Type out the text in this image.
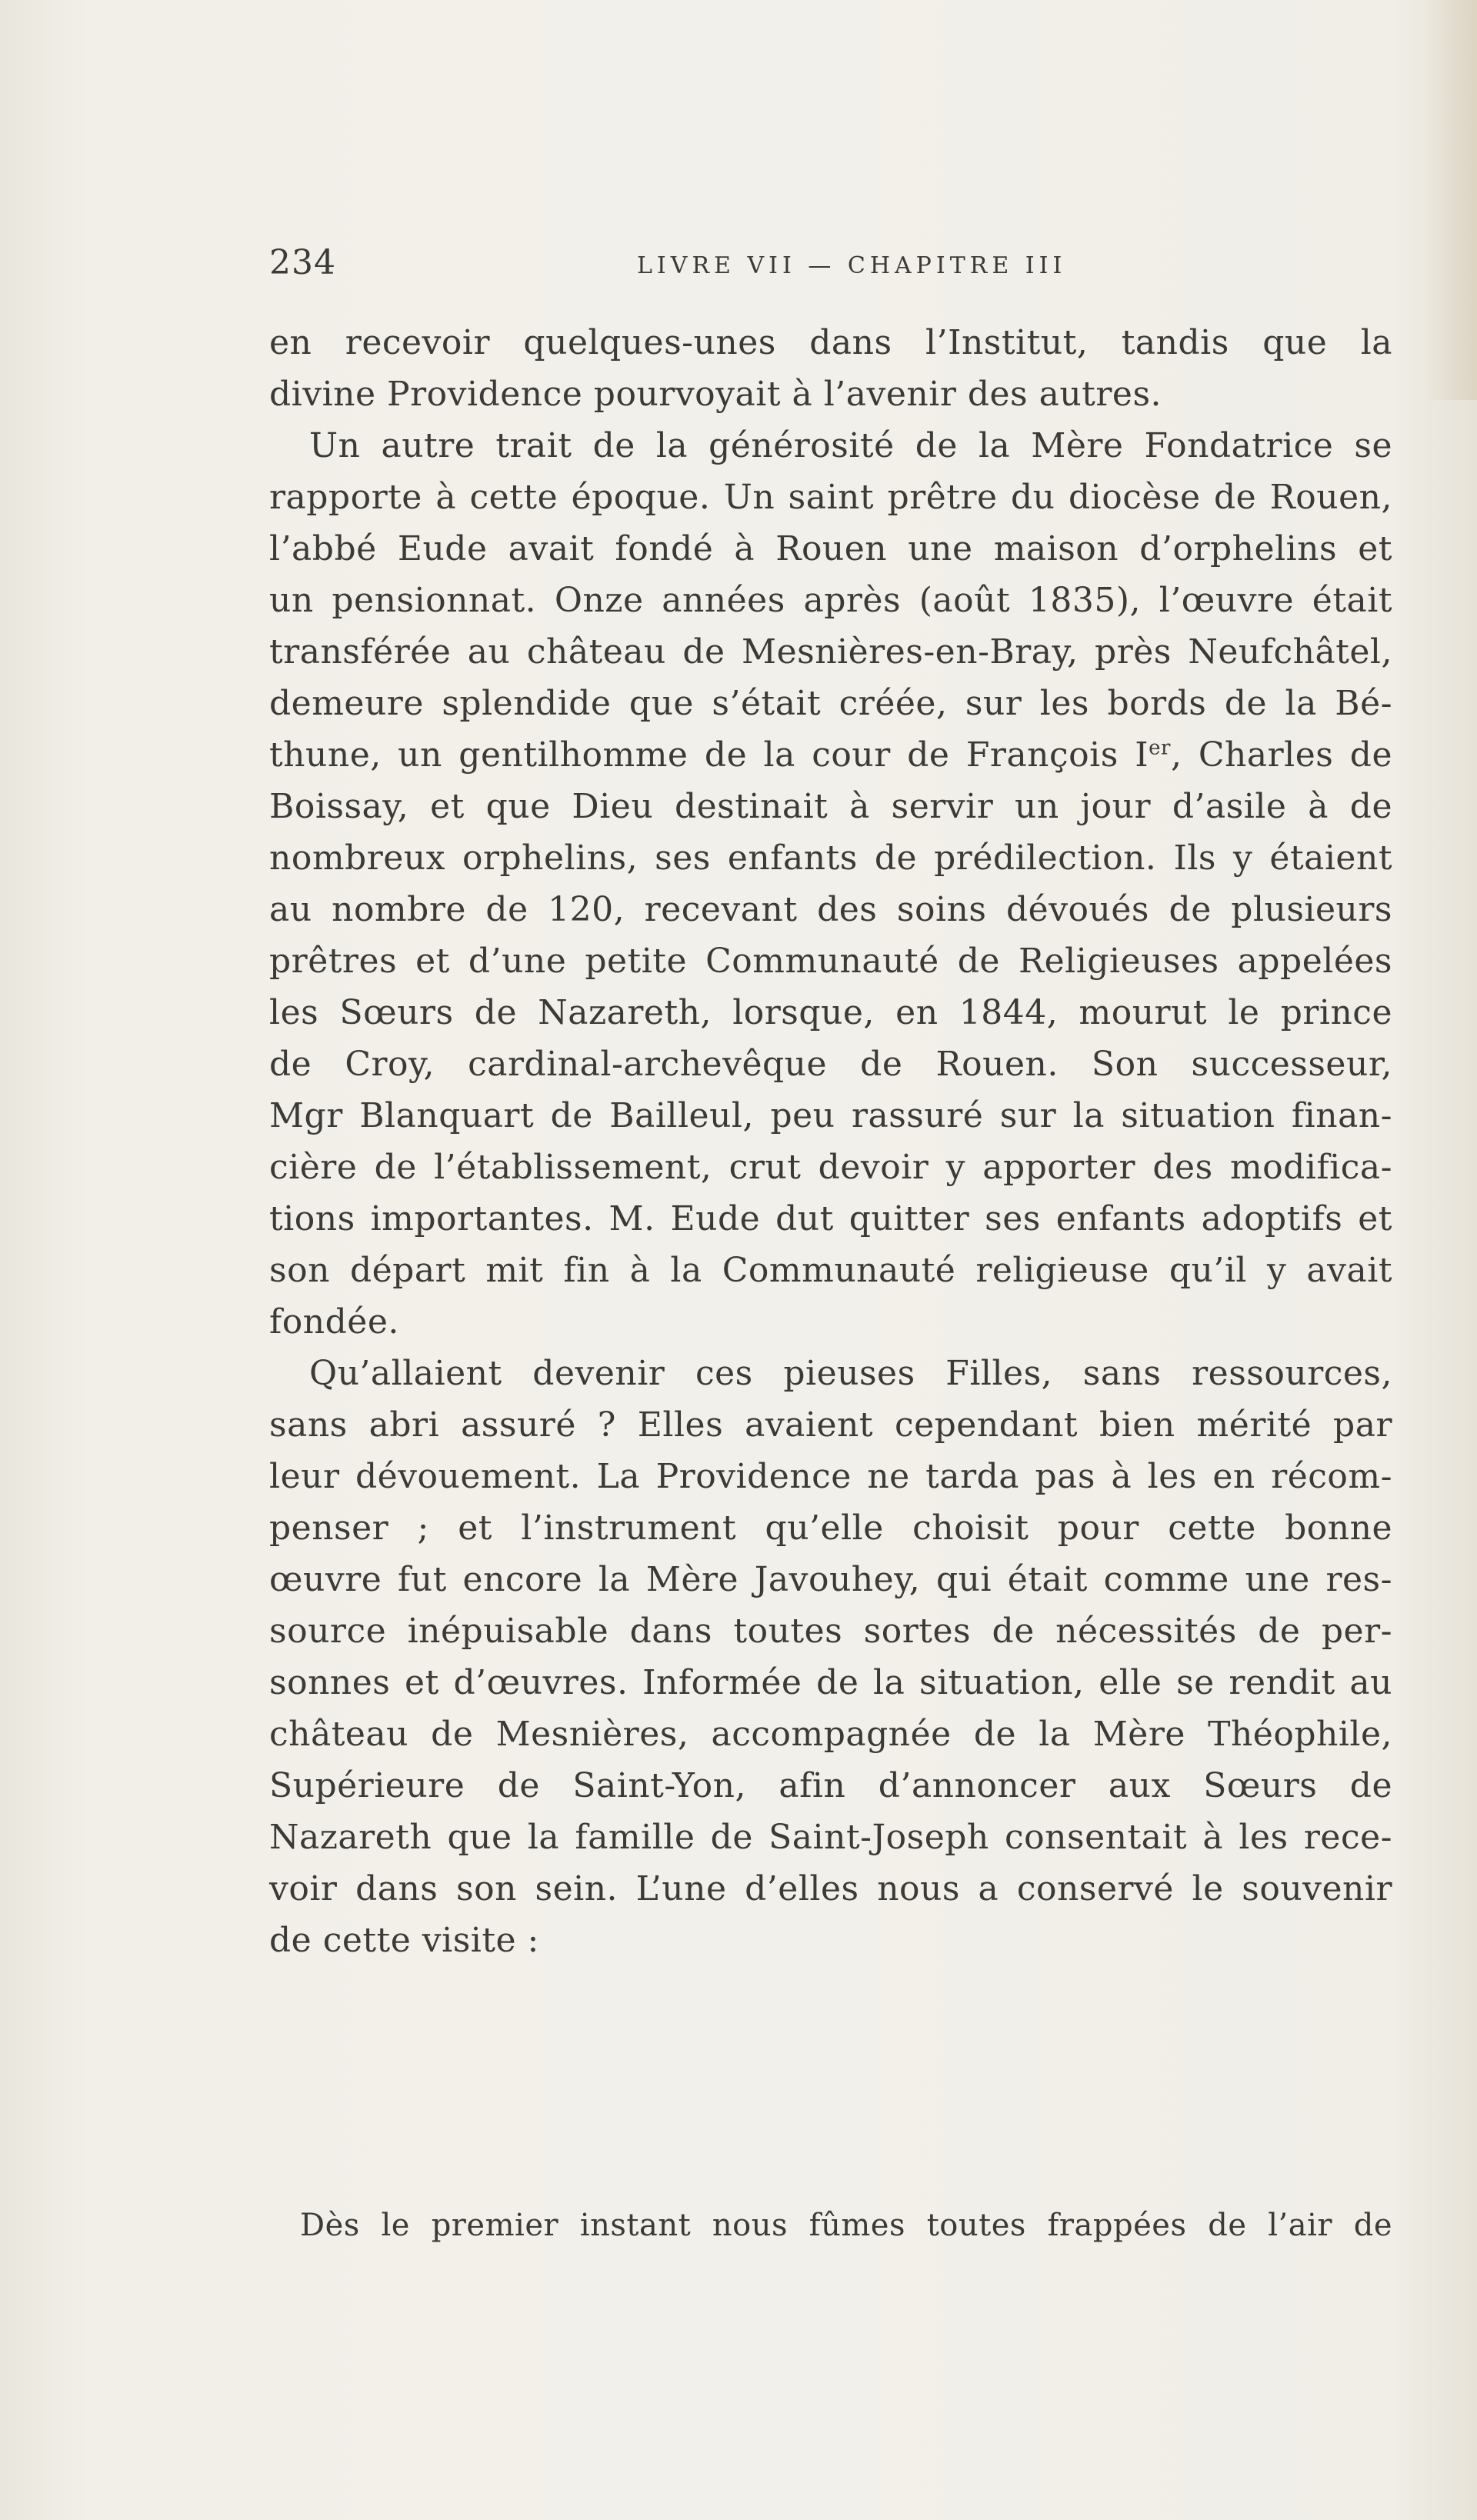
234	LIVRE VII — CHAPITRE III
en recevoir quelques-unes dans l’Institut, tandis que la
divine Providence pourvoyait à l’avenir des autres.
Un autre trait de la générosité de la Mère Fondatrice se
rapporte à cette époque. Un saint prêtre du diocèse de Rouen,
l’abbé Eude avait fondé à Rouen une maison d’orphelins et
un pensionnat. Onze années après (août 1835), l’œuvre était
transférée au château de Mesnières-en-Bray, près Neufchâtel,
demeure splendide que s’était créée, sur les bords de la Bé-
thune, un gentilhomme de la cour de François Ier, Charles de
Boissay, et que Dieu destinait à servir un jour d’asile à de
nombreux orphelins, ses enfants de prédilection. Ils y étaient
au nombre de 120, recevant des soins dévoués de plusieurs
prêtres et d’une petite Communauté de Religieuses appelées
les Sœurs de Nazareth, lorsque, en 1844, mourut le prince
de Croy, cardinal-archevêque de Rouen. Son successeur,
Mgr Blanquart de Bailleul, peu rassuré sur la situation finan-
cière de l’établissement, crut devoir y apporter des modifica-
tions importantes. M. Eude dut quitter ses enfants adoptifs et
son départ mit fin à la Communauté religieuse qu’il y avait
fondée.
Qu’allaient devenir ces pieuses Filles, sans ressources,
sans abri assuré ? Elles avaient cependant bien mérité par
leur dévouement. La Providence ne tarda pas à les en récom-
penser ; et l’instrument qu’elle choisit pour cette bonne
œuvre fut encore la Mère Javouhey, qui était comme une res-
source inépuisable dans toutes sortes de nécessités de per-
sonnes et d’œuvres. Informée de la situation, elle se rendit au
château de Mesnières, accompagnée de la Mère Théophile,
Supérieure de Saint-Yon, afin d’annoncer aux Sœurs de
Nazareth que la famille de Saint-Joseph consentait à les rece-
voir dans son sein. L’une d’elles nous a conservé le souvenir
de cette visite :
Dès le premier instant nous fûmes toutes frappées de l’air de
